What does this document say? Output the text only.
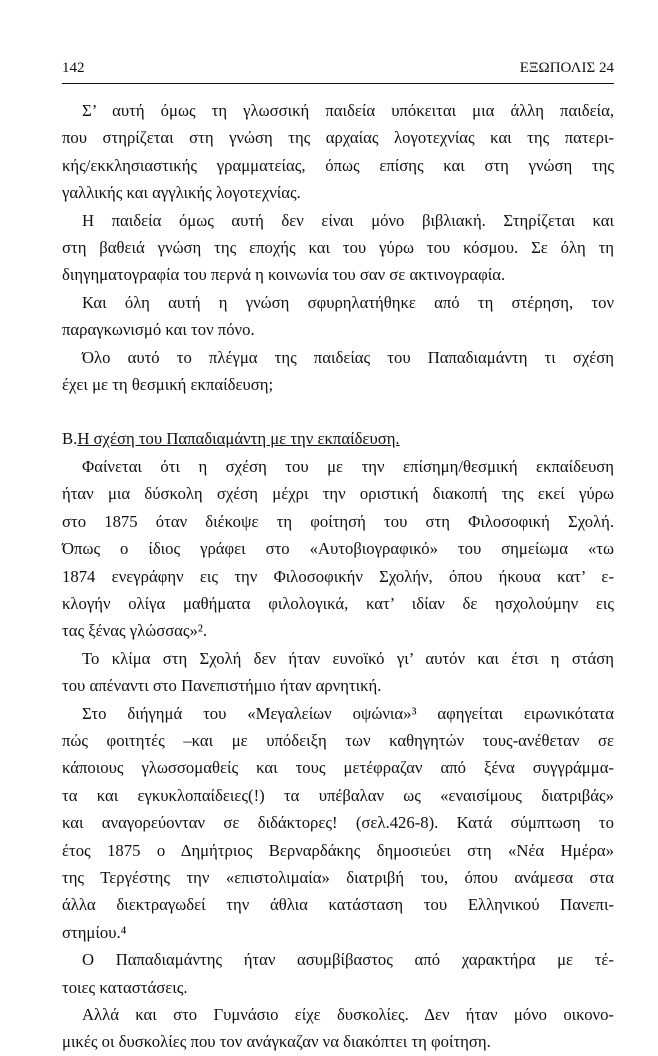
142	ΕΞΩΠΟΛΙΣ 24

Σ’ αυτή όμως τη γλωσσική παιδεία υπόκειται μια άλλη παιδεία,
που στηρίζεται στη γνώση της αρχαίας λογοτεχνίας και της πατερι-
κής/εκκλησιαστικής γραμματείας, όπως επίσης και στη γνώση της
γαλλικής και αγγλικής λογοτεχνίας.

Η παιδεία όμως αυτή δεν είναι μόνο βιβλιακή. Στηρίζεται και
στη βαθειά γνώση της εποχής και του γύρω του κόσμου. Σε όλη τη
διηγηματογραφία του περνά η κοινωνία του σαν σε ακτινογραφία.

Και όλη αυτή η γνώση σφυρηλατήθηκε από τη στέρηση, τον
παραγκωνισμό και τον πόνο.

Όλο αυτό το πλέγμα της παιδείας του Παπαδιαμάντη τι σχέση
έχει με τη θεσμική εκπαίδευση;

Β.Η σχέση του Παπαδιαμάντη με την εκπαίδευση.

Φαίνεται ότι η σχέση του με την επίσημη/θεσμική εκπαίδευση
ήταν μια δύσκολη σχέση μέχρι την οριστική διακοπή της εκεί γύρω
στο 1875 όταν διέκοψε τη φοίτησή του στη Φιλοσοφική Σχολή.
Όπως ο ίδιος γράφει στο «Αυτοβιογραφικό» του σημείωμα «τω
1874 ενεγράφην εις την Φιλοσοφικήν Σχολήν, όπου ήκουα κατ’ ε-
κλογήν ολίγα μαθήματα φιλολογικά, κατ’ ιδίαν δε ησχολούμην εις
τας ξένας γλώσσας»².

Το κλίμα στη Σχολή δεν ήταν ευνοϊκό γι’ αυτόν και έτσι η στάση
του απέναντι στο Πανεπιστήμιο ήταν αρνητική.

Στο διήγημά του «Μεγαλείων οψώνια»³ αφηγείται ειρωνικότατα
πώς φοιτητές –και με υπόδειξη των καθηγητών τους-ανέθεταν σε
κάποιους γλωσσομαθείς και τους μετέφραζαν από ξένα συγγράμμα-
τα και εγκυκλοπαίδειες(!) τα υπέβαλαν ως «εναισίμους διατριβάς»
και αναγορεύονταν σε διδάκτορες! (σελ.426-8). Κατά σύμπτωση το
έτος 1875 ο Δημήτριος Βερναρδάκης δημοσιεύει στη «Νέα Ημέρα»
της Τεργέστης την «επιστολιμαία» διατριβή του, όπου ανάμεσα στα
άλλα διεκτραγωδεί την άθλια κατάσταση του Ελληνικού Πανεπι-
στημίου.⁴

Ο Παπαδιαμάντης ήταν ασυμβίβαστος από χαρακτήρα με τέ-
τοιες καταστάσεις.

Αλλά και στο Γυμνάσιο είχε δυσκολίες. Δεν ήταν μόνο οικονο-
μικές οι δυσκολίες που τον ανάγκαζαν να διακόπτει τη φοίτηση.
